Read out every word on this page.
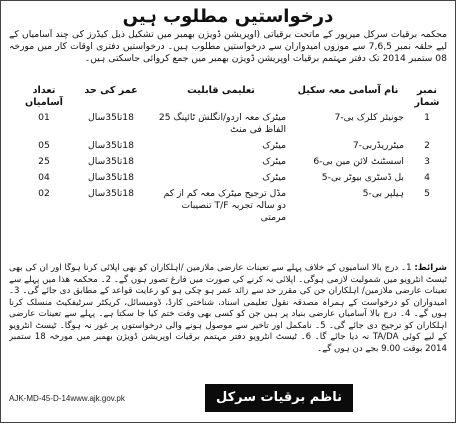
درخواستیں مطلوب ہیں
محکمہ برقیات سرکل میرپور کے ماتحت برقیاتی (اوپریشن ڈویژن بھمبر میں تشکیل ذیل کیڈرز کی چند آسامیاں کے لیے حلقہ نمبر 7,6,5 سے موزوں امیدواران سے درخواستیں مطلوب ہیں۔ درخواستیں دفتری اوقات کار میں مورخہ 08 ستمبر 2014 تک دفتر مہتمم برقیات اوپریشن ڈویژن بھمبر میں جمع کروائی جاسکتی ہیں۔
نمبر شمار	نام آسامی معہ سکیل	تعلیمی قابلیت	عمر کی حد	تعداد آسامیاں
1	جونیئر کلرک بی-7	میٹرک معہ اردو/انگلش ٹائپنگ 25 الفاظ فی منٹ	18تا35سال	01
2	میٹرریڈربی-7	میٹرک	18تا35سال	05
3	اسسٹنٹ لائن مین بی-6	میٹرک	18تا35سال	25
4	بل ڈسٹری بیوٹر بی-5	میٹرک	18تا35سال	04
5	ہیلپر بی-5	مڈل ترجیح میٹرک معہ کم از کم دو سالہ تجربہ T/F تنصیبات مرمتی	18تا35سال	02
شرائط: 1۔ درج بالا آسامیوں کے خلاف پہلے سے تعینات عارضی ملازمین /اہلکاران کو بھی اپلائی کرنا ہوگا اور ان کی بھی ٹیسٹ انٹرویو میں شمولیت لازمی ہوگی۔ اپلائی نہ کرنے کی صورت میں فارغ تصور ہوں گے۔ 2۔ محکمہ ھذا میں پہلے سے تعینات عارضی ملازمین/ اہلکاران جن کی مقرر حد سے زائد عمر ہو چکی ہو کو رعایت قواعد کے مطابق دی جائے گی۔ 3۔ امیدواران کو درخواست کے ہمراہ مصدقہ نقول تعلیمی اسناد، شناختی کارڈ، ڈومیسائل، کریکٹر سرٹیفکیٹ منسلک کرنا ہوں گے۔ 4۔ درج بالا آسامیاں عارضی بنیاد پر ہیں جن کو کسی بھی وقت ختم کیا جا سکتا ہے۔ پہلے سے تعینات عارضی اہلکاران کو ترجیح دی جائے گی۔ 5۔ نامکمل اور تاخیر سے موصول ہونے والی درخواستوں پر غور نہ ہوگا۔ ٹیسٹ انٹرویو کے لیے کوئی TA/DA نہ دیا جائے گا۔ 6۔ ٹیسٹ انٹرویو دفتر مہتمم برقیات اوپریشن ڈویژن بھمبر میں مورخہ 18 ستمبر 2014 بوقت 9.00 بجے دن ہوں گے۔
AJK-MD-45-D-14www.ajk.gov.pk	ناظم برقیات سرکل میرپور
